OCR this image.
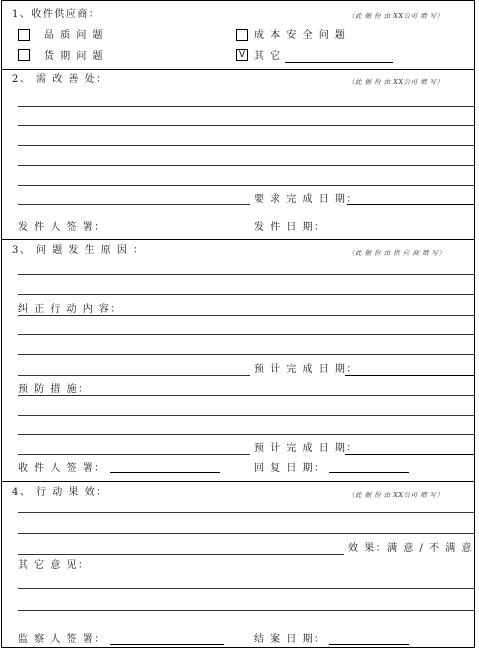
1、收件供应商：	（此 据 份 由 XX公司 填 写）
品 质 问 题	成 本 安 全 问 题
货 期 问 题	V 其 它
2、 需 改 善 处：	（此 据 份 由 XX公司 填 写）
要 求 完 成 日 期：
发 件 人 签 署：	发 件 日 期：
3、 问 题 发 生 原 因 ：	（此 据 份 由 供 应 商 填 写）
纠 正 行 动 内 容：
预 计 完 成 日 期：
预 防 措 施：
预 计 完 成 日 期：
收 件 人 签 署：	回 复 日 期：
4、 行 动 果 效：	（此 据 份 由 XX公司 填 写）
效 果：满 意 / 不 满 意
其 它 意 见：
监 察 人 签 署：	结 案 日 期：
